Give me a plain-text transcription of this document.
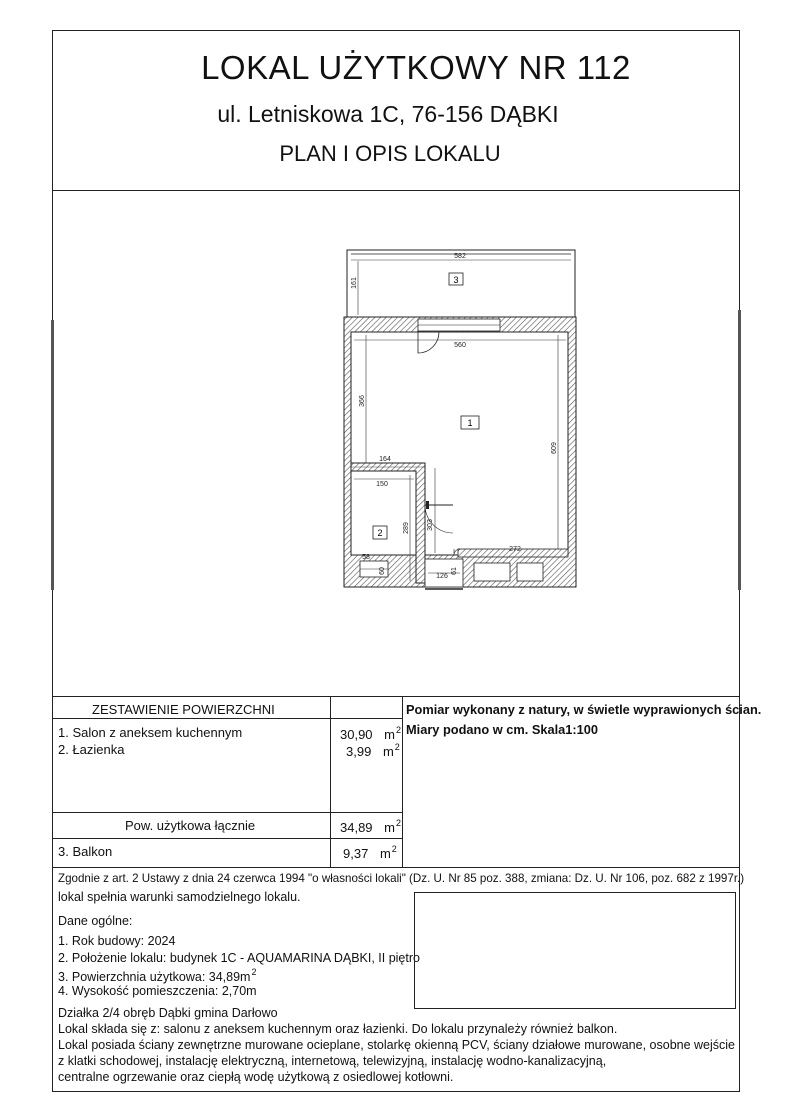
LOKAL UŻYTKOWY NR 112
ul. Letniskowa 1C, 76-156 DĄBKI
PLAN I OPIS LOKALU
3
1
2
582
161
560
366
609
164
150
289 303
58
60
126
61
272
ZESTAWIENIE POWIERZCHNI
1. Salon z aneksem kuchennym
2. Łazienka
30,90 $m^2$
3,99 $m^2$
Pow. użytkowa łącznie	34,89 $m^2$
3. Balkon	9,37 $m^2$
Pomiar wykonany z natury, w świetle wyprawionych ścian.
Miary podano w cm. Skala1:100
Zgodnie z art. 2 Ustawy z dnia 24 czerwca 1994 "o własności lokali" (Dz. U. Nr 85 poz. 388, zmiana: Dz. U. Nr 106, poz. 682 z 1997r.)
lokal spełnia warunki samodzielnego lokalu.
Dane ogólne:
1. Rok budowy: 2024
2. Położenie lokalu: budynek 1C - AQUAMARINA DĄBKI, II piętro
3. Powierzchnia użytkowa: $34,89m^2$
4. Wysokość pomieszczenia: 2,70m
Działka 2/4 obręb Dąbki gmina Darłowo
Lokal składa się z: salonu z aneksem kuchennym oraz łazienki. Do lokalu przynależy również balkon.
Lokal posiada ściany zewnętrzne murowane ocieplane, stolarkę okienną PCV, ściany działowe murowane, osobne wejście
z klatki schodowej, instalację elektryczną, internetową, telewizyjną, instalację wodno-kanalizacyjną,
centralne ogrzewanie oraz ciepłą wodę użytkową z osiedlowej kotłowni.
